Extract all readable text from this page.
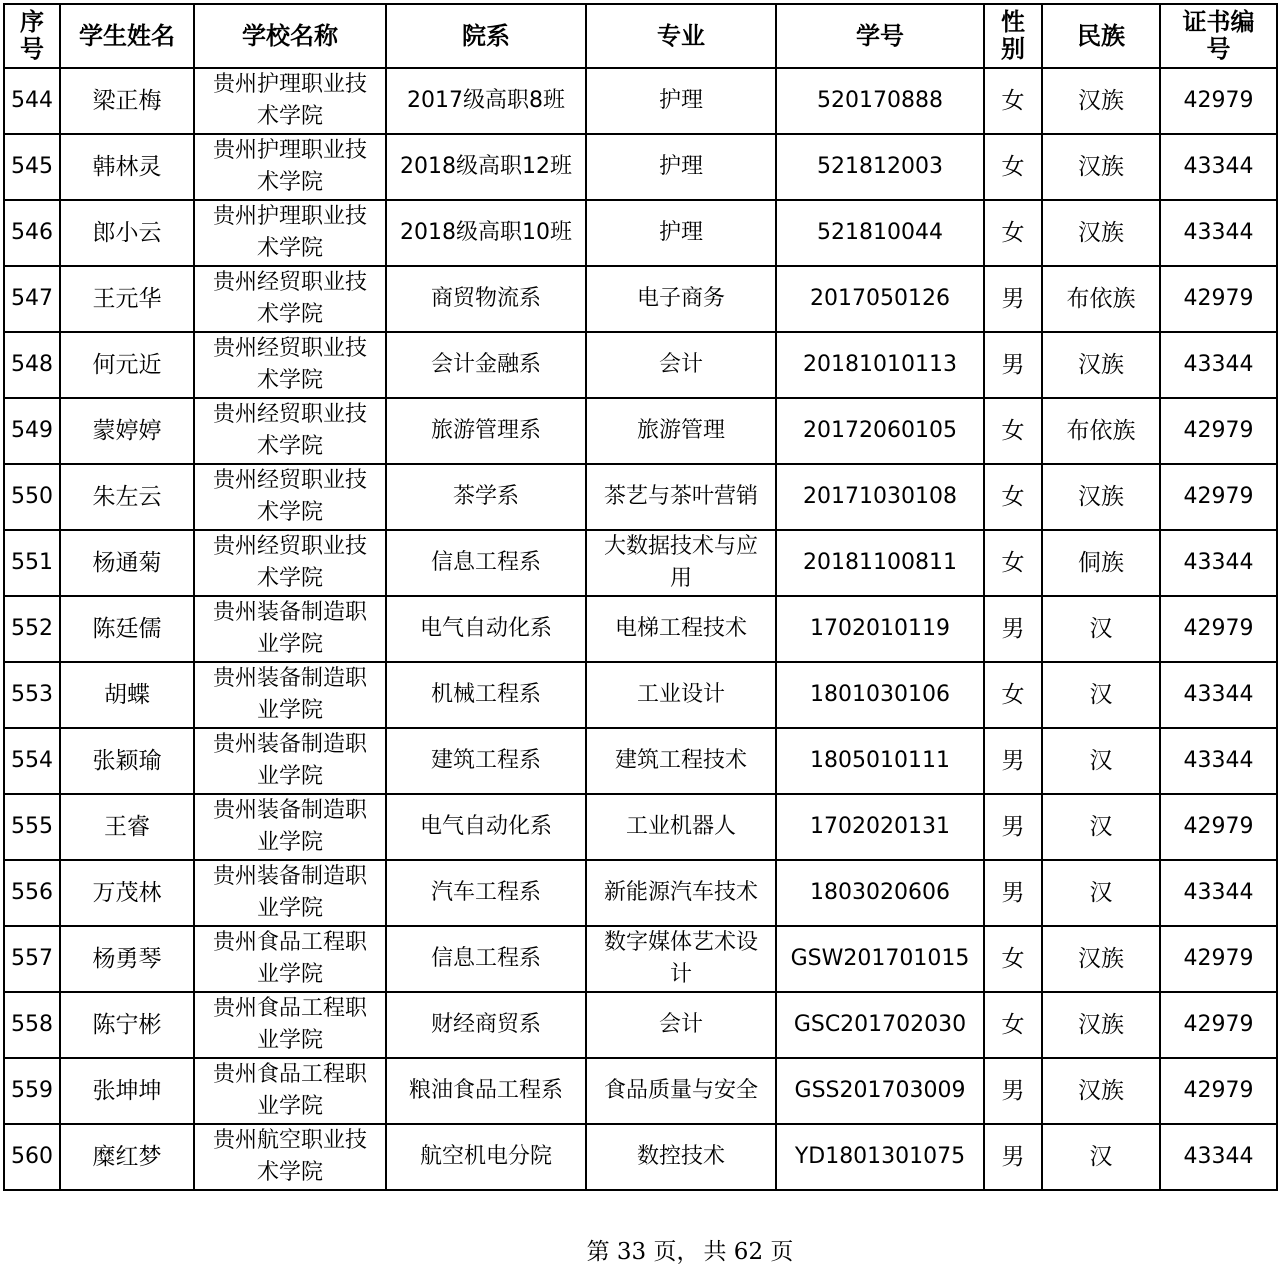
序号	学生姓名	学校名称	院系	专业	学号	性别	民族	证书编号
544	梁正梅	贵州护理职业技术学院	2017级高职8班	护理	520170888	女	汉族	42979
545	韩林灵	贵州护理职业技术学院	2018级高职12班	护理	521812003	女	汉族	43344
546	郎小云	贵州护理职业技术学院	2018级高职10班	护理	521810044	女	汉族	43344
547	王元华	贵州经贸职业技术学院	商贸物流系	电子商务	2017050126	男	布依族	42979
548	何元近	贵州经贸职业技术学院	会计金融系	会计	20181010113	男	汉族	43344
549	蒙婷婷	贵州经贸职业技术学院	旅游管理系	旅游管理	20172060105	女	布依族	42979
550	朱左云	贵州经贸职业技术学院	茶学系	茶艺与茶叶营销	20171030108	女	汉族	42979
551	杨通菊	贵州经贸职业技术学院	信息工程系	大数据技术与应用	20181100811	女	侗族	43344
552	陈廷儒	贵州装备制造职业学院	电气自动化系	电梯工程技术	1702010119	男	汉	42979
553	胡蝶	贵州装备制造职业学院	机械工程系	工业设计	1801030106	女	汉	43344
554	张颖瑜	贵州装备制造职业学院	建筑工程系	建筑工程技术	1805010111	男	汉	43344
555	王睿	贵州装备制造职业学院	电气自动化系	工业机器人	1702020131	男	汉	42979
556	万茂林	贵州装备制造职业学院	汽车工程系	新能源汽车技术	1803020606	男	汉	43344
557	杨勇琴	贵州食品工程职业学院	信息工程系	数字媒体艺术设计	GSW201701015	女	汉族	42979
558	陈宁彬	贵州食品工程职业学院	财经商贸系	会计	GSC201702030	女	汉族	42979
559	张坤坤	贵州食品工程职业学院	粮油食品工程系	食品质量与安全	GSS201703009	男	汉族	42979
560	糜红梦	贵州航空职业技术学院	航空机电分院	数控技术	YD1801301075	男	汉	43344
第 33 页， 共 62 页
